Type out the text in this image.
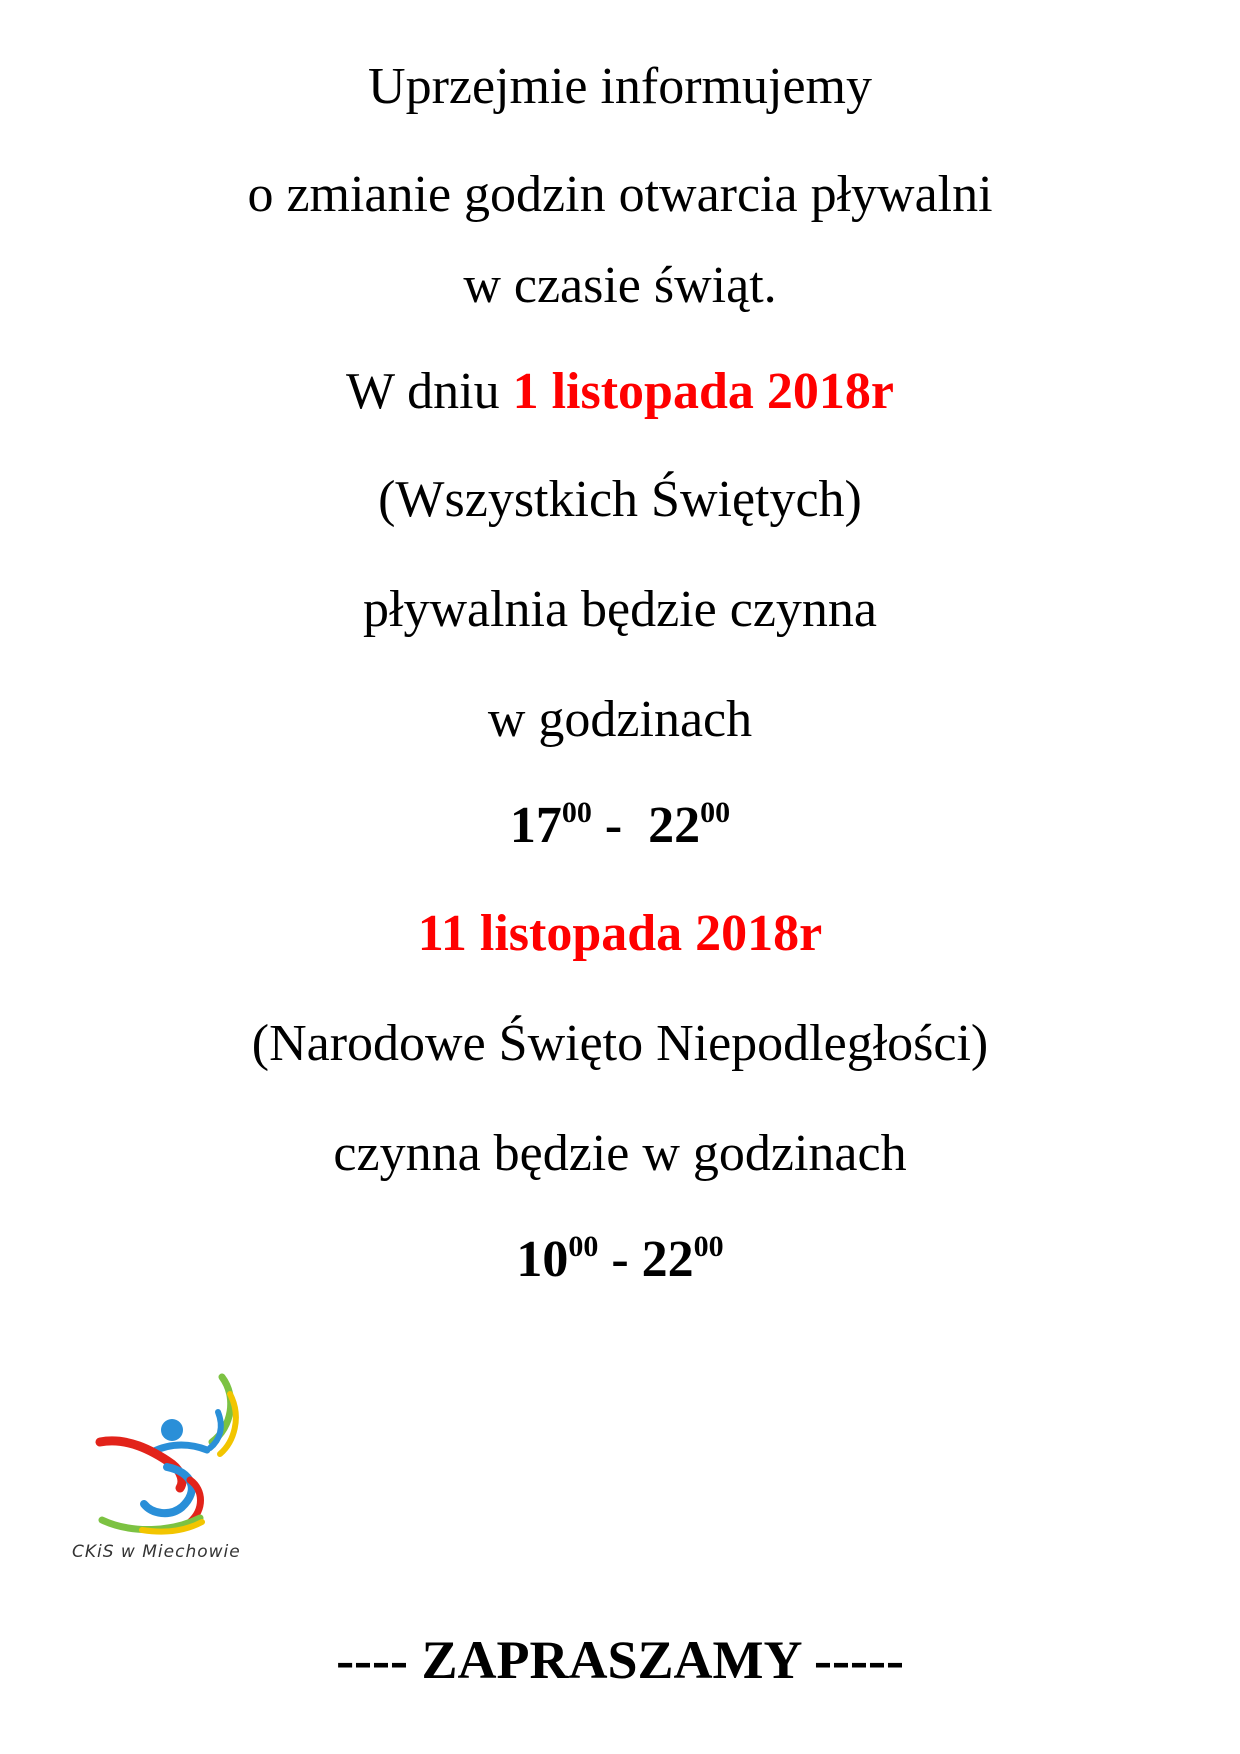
Uprzejmie informujemy
o zmianie godzin otwarcia pływalni
w czasie świąt.
W dniu 1 listopada 2018r
(Wszystkich Świętych)
pływalnia będzie czynna
w godzinach
$17^{00} - 22^{00}$
11 listopada 2018r
(Narodowe Święto Niepodległości)
czynna będzie w godzinach
$10^{00} - 22^{00}$
CKiS w Miechowie
---- ZAPRASZAMY -----
